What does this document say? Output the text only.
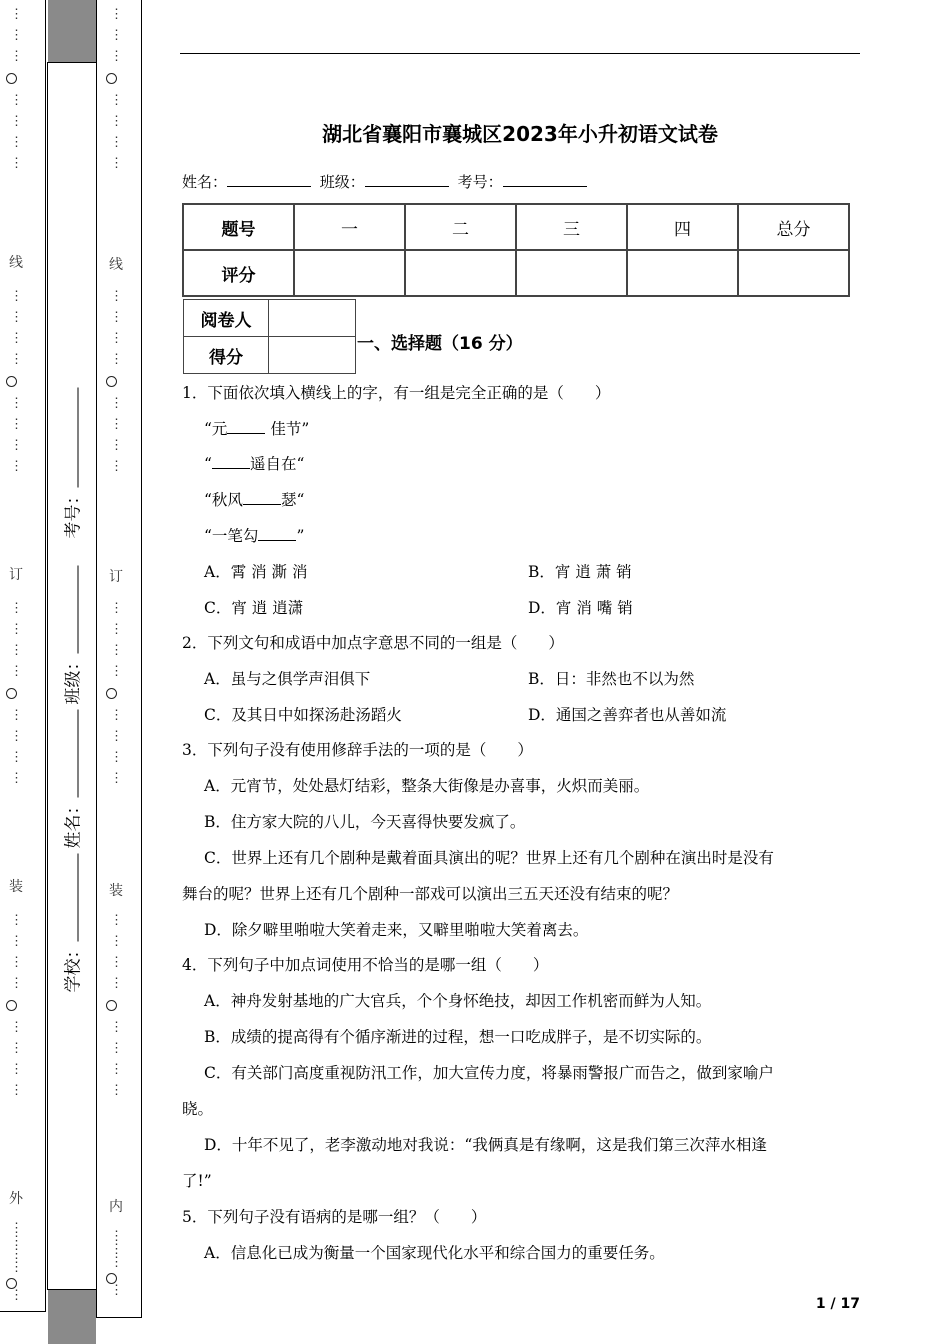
⋮
⋮
⋮
⋮
⋮
⋮
⋮
线
⋮
⋮
⋮
⋮
⋮
⋮
⋮
⋮
订
⋮
⋮
⋮
⋮
⋮
⋮
⋮
⋮
装
⋮
⋮
⋮
⋮
⋮
⋮
⋮
⋮
外
⋮
⋮
⋮
⋮
⋮
⋮
⋮
⋮
⋮
⋮
⋮
⋮
线
⋮
⋮
⋮
⋮
⋮
⋮
⋮
⋮
订
⋮
⋮
⋮
⋮
⋮
⋮
⋮
⋮
装
⋮
⋮
⋮
⋮
⋮
⋮
⋮
⋮
内
⋮
⋮
⋮
⋮
学校：
姓名：
班级：
考号：
湖北省襄阳市襄城区2023年小升初语文试卷
姓名：	班级：	考号：
题号	一	二	三	四	总分
评分					
阅卷人	
得分	
一、选择题（16 分）
1．下面依次填入横线上的字，有一组是完全正确的是（　　）
“元 佳节”
“ 遥自在“
“秋风 瑟“
“一笔勾 ”
A．霄 消 澌 消	B．宵 逍 萧 销
C．宵 逍 逍潇	D．宵 消 嘴 销
2．下列文句和成语中加点字意思不同的一组是（　　）
A．虽与之俱学声泪俱下	B．日：非然也不以为然
C．及其日中如探汤赴汤蹈火	D．通国之善弈者也从善如流
3．下列句子没有使用修辞手法的一项的是（　　）
A．元宵节，处处悬灯结彩，整条大街像是办喜事，火炽而美丽。
B．住方家大院的八儿，今天喜得快要发疯了。
C．世界上还有几个剧种是戴着面具演出的呢？世界上还有几个剧种在演出时是没有
舞台的呢？世界上还有几个剧种一部戏可以演出三五天还没有结束的呢？
D．除夕噼里啪啦大笑着走来，又噼里啪啦大笑着离去。
4．下列句子中加点词使用不恰当的是哪一组（　　）
A．神舟发射基地的广大官兵，个个身怀绝技，却因工作机密而鲜为人知。
B．成绩的提高得有个循序渐进的过程，想一口吃成胖子，是不切实际的。
C．有关部门高度重视防汛工作，加大宣传力度，将暴雨警报广而告之，做到家喻户
晓。
D．十年不见了，老李激动地对我说：“我俩真是有缘啊，这是我们第三次萍水相逢
了!”
5．下列句子没有语病的是哪一组？（　　）
A．信息化已成为衡量一个国家现代化水平和综合国力的重要任务。
1 / 17
